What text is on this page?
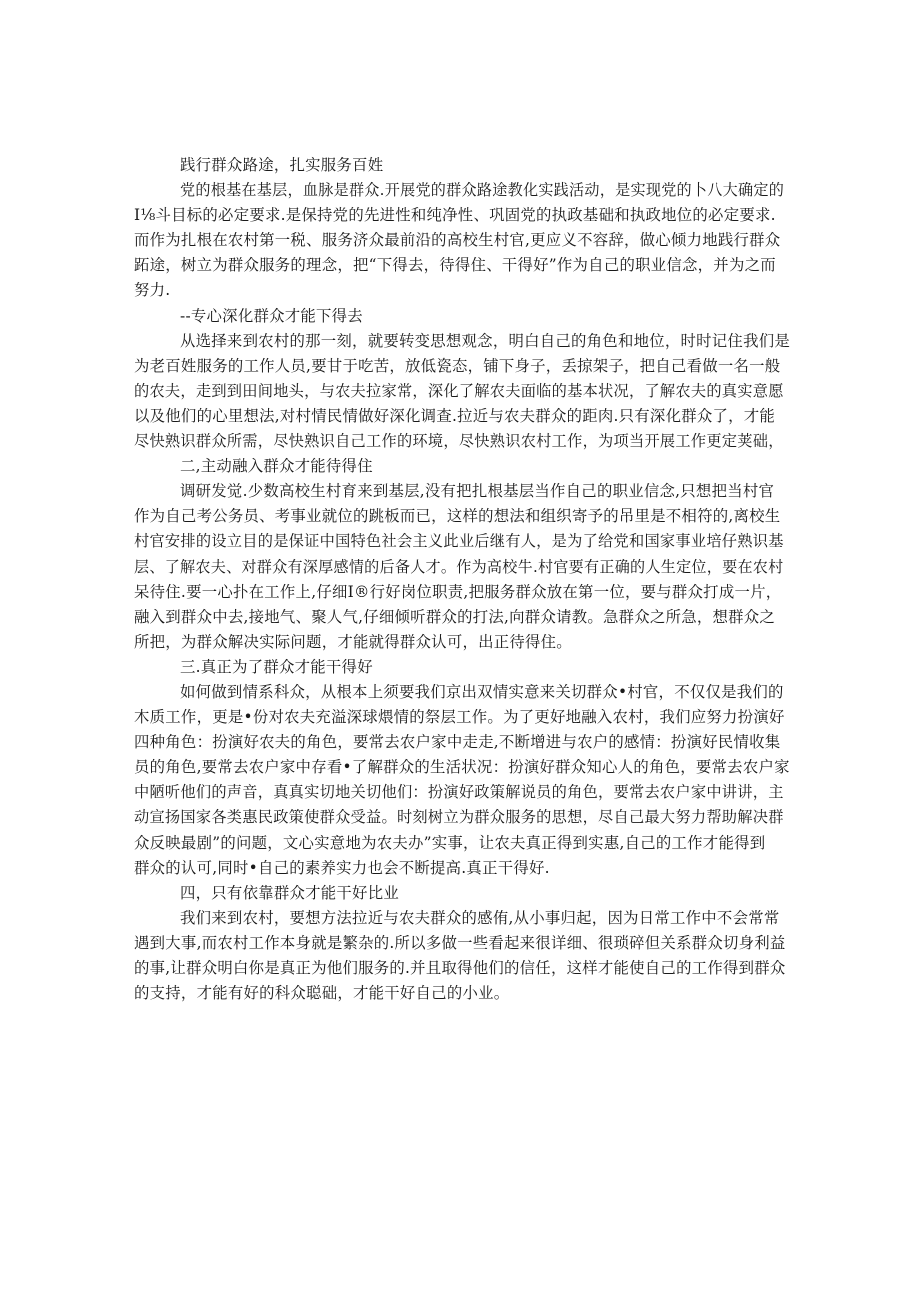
践行群众路途，扎实服务百姓
党的根基在基层，血脉是群众.开展党的群众路途教化实践活动，是实现党的卜八大确定的
I⅛斗目标的必定要求.是保持党的先进性和纯净性、巩固党的执政基础和执政地位的必定要求.
而作为扎根在农村第一税、服务济众最前沿的高校生村官,更应义不容辞，做心倾力地践行群众
跖途，树立为群众服务的理念，把“下得去，待得住、干得好”作为自己的职业信念，并为之而
努力.
--专心深化群众才能下得去
从选择来到农村的那一刻，就要转变思想观念，明白自己的角色和地位，时时记住我们是
为老百姓服务的工作人员,要甘于吃苦，放低瓷态，铺下身子，丢掠架子，把自己看做一名一般
的农夫，走到到田间地头，与农夫拉家常，深化了解农夫面临的基本状况，了解农夫的真实意愿
以及他们的心里想法,对村情民情做好深化调查.拉近与农夫群众的距肉.只有深化群众了，才能
尽快熟识群众所需，尽快熟识自己工作的环境，尽快熟识农村工作，为项当开展工作更定荚础，
二,主动融入群众才能待得住
调研发觉.少数高校生村育来到基层,没有把扎根基层当作自己的职业信念,只想把当村官
作为自己考公务员、考事业就位的跳板而已，这样的想法和组织寄予的吊里是不相符的,离校生
村官安排的设立目的是保证中国特色社会主义此业后继有人，是为了给党和国家事业培仔熟识基
层、了解农夫、对群众有深厚感情的后备人才。作为高校牛.村官要有正确的人生定位，要在农村
呆待住.要一心扑在工作上,仔细I®行好岗位职责,把服务群众放在第一位，要与群众打成一片，
融入到群众中去,接地气、聚人气,仔细倾听群众的打法,向群众请教。急群众之所急，想群众之
所把，为群众解决实际问题，才能就得群众认可，出正待得住。
三.真正为了群众才能干得好
如何做到情系科众，从根本上须要我们京出双情实意来关切群众•村官，不仅仅是我们的
木质工作，更是•份对农夫充溢深球煨情的祭层工作。为了更好地融入农村，我们应努力扮演好
四种角色：扮演好农夫的角色，要常去农户家中走走,不断增进与农户的感情：扮演好民情收集
员的角色,要常去农户家中存看•了解群众的生活状况：扮演好群众知心人的角色，要常去农户家
中陋听他们的声音，真真实切地关切他们：扮演好政策解说员的角色，要常去农户家中讲讲，主
动宣扬国家各类惠民政策使群众受益。时刻树立为群众服务的思想，尽自己最大努力帮助解决群
众反映最剧”的问题，文心实意地为农夫办”实事，让农夫真正得到实惠,自己的工作才能得到
群众的认可,同时•自己的素养实力也会不断提高.真正干得好.
四，只有依靠群众才能干好比业
我们来到农村，要想方法拉近与农夫群众的感侑,从小事归起，因为日常工作中不会常常
遇到大事,而农村工作本身就是繁杂的.所以多做一些看起来很详细、很琐碎但关系群众切身利益
的事,让群众明白你是真正为他们服务的.并且取得他们的信任，这样才能使自己的工作得到群众
的支持，才能有好的科众聪础，才能干好自己的小业。
